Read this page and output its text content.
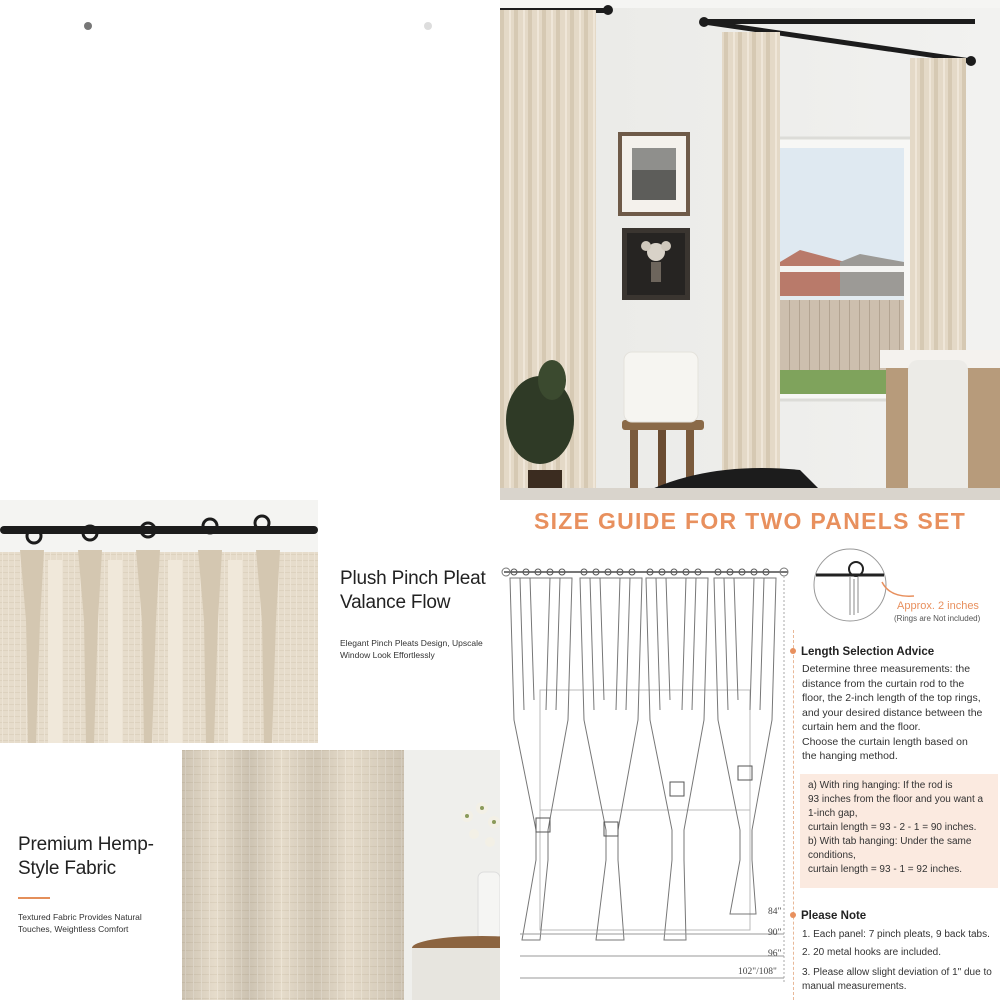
Plush Pinch Pleat
Valance Flow
Elegant Pinch Pleats Design, Upscale
Window Look Effortlessly
Premium Hemp-
Style Fabric
Textured Fabric Provides Natural
Touches, Weightless Comfort
SIZE GUIDE FOR TWO PANELS SET
84"
90"
96"
102"/108"
Approx. 2 inches
(Rings are Not included)
Length Selection Advice
Determine three measurements: the
distance from the curtain rod to the
floor, the 2-inch length of the top rings,
and your desired distance between the
curtain hem and the floor.
Choose the curtain length based on
the hanging method.
a) With ring hanging: If the rod is
93 inches from the floor and you want a
1-inch gap,
curtain length = 93 - 2 - 1 = 90 inches.
b) With tab hanging: Under the same
conditions,
curtain length = 93 - 1 = 92 inches.
Please Note
1. Each panel: 7 pinch pleats, 9 back tabs.
2. 20 metal hooks are included.
3. Please allow slight deviation of 1" due to
manual measurements.
